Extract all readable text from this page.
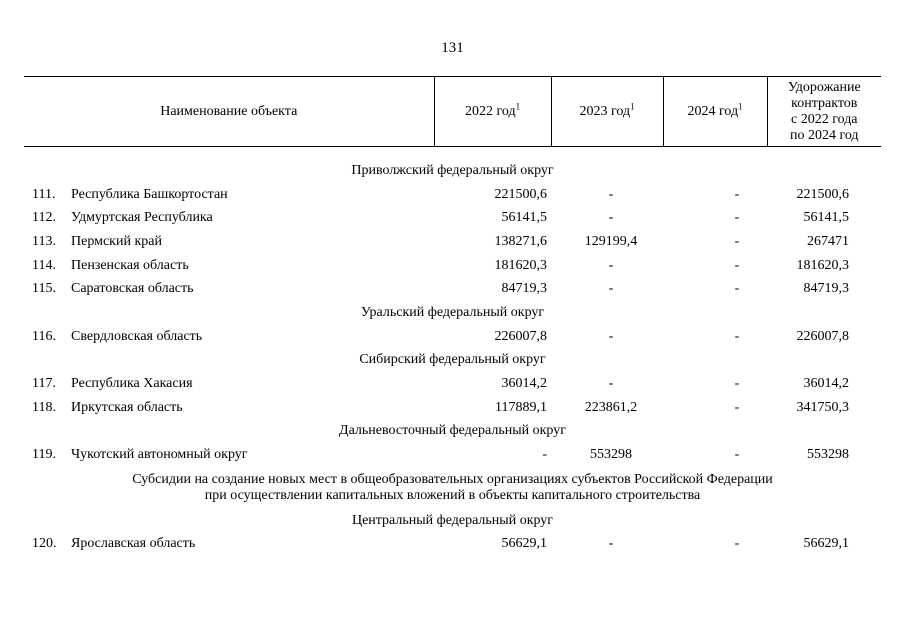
131
Наименование объекта		2022 год$^1$	2023 год$^1$	2024 год$^1$	Удорожание
контрактов
с 2022 года
по 2024 год

Приволжский федеральный округ					
111.	Республика Башкортостан	221500,6	-	-	221500,6
112.	Удмуртская Республика	56141,5	-	-	56141,5
113.	Пермский край	138271,6	129199,4	-	267471
114.	Пензенская область	181620,3	-	-	181620,3
115.	Саратовская область	84719,3	-	-	84719,3
Уральский федеральный округ					
116.	Свердловская область	226007,8	-	-	226007,8
Сибирский федеральный округ					
117.	Республика Хакасия	36014,2	-	-	36014,2
118.	Иркутская область	117889,1	223861,2	-	341750,3
Дальневосточный федеральный округ					
119.	Чукотский автономный округ	-	553298	-	553298

Субсидии на создание новых мест в общеобразовательных организациях субъектов Российской Федерации
при осуществлении капитальных вложений в объекты капитального строительства					

Центральный федеральный округ					
120.	Ярославская область	56629,1	-	-	56629,1
